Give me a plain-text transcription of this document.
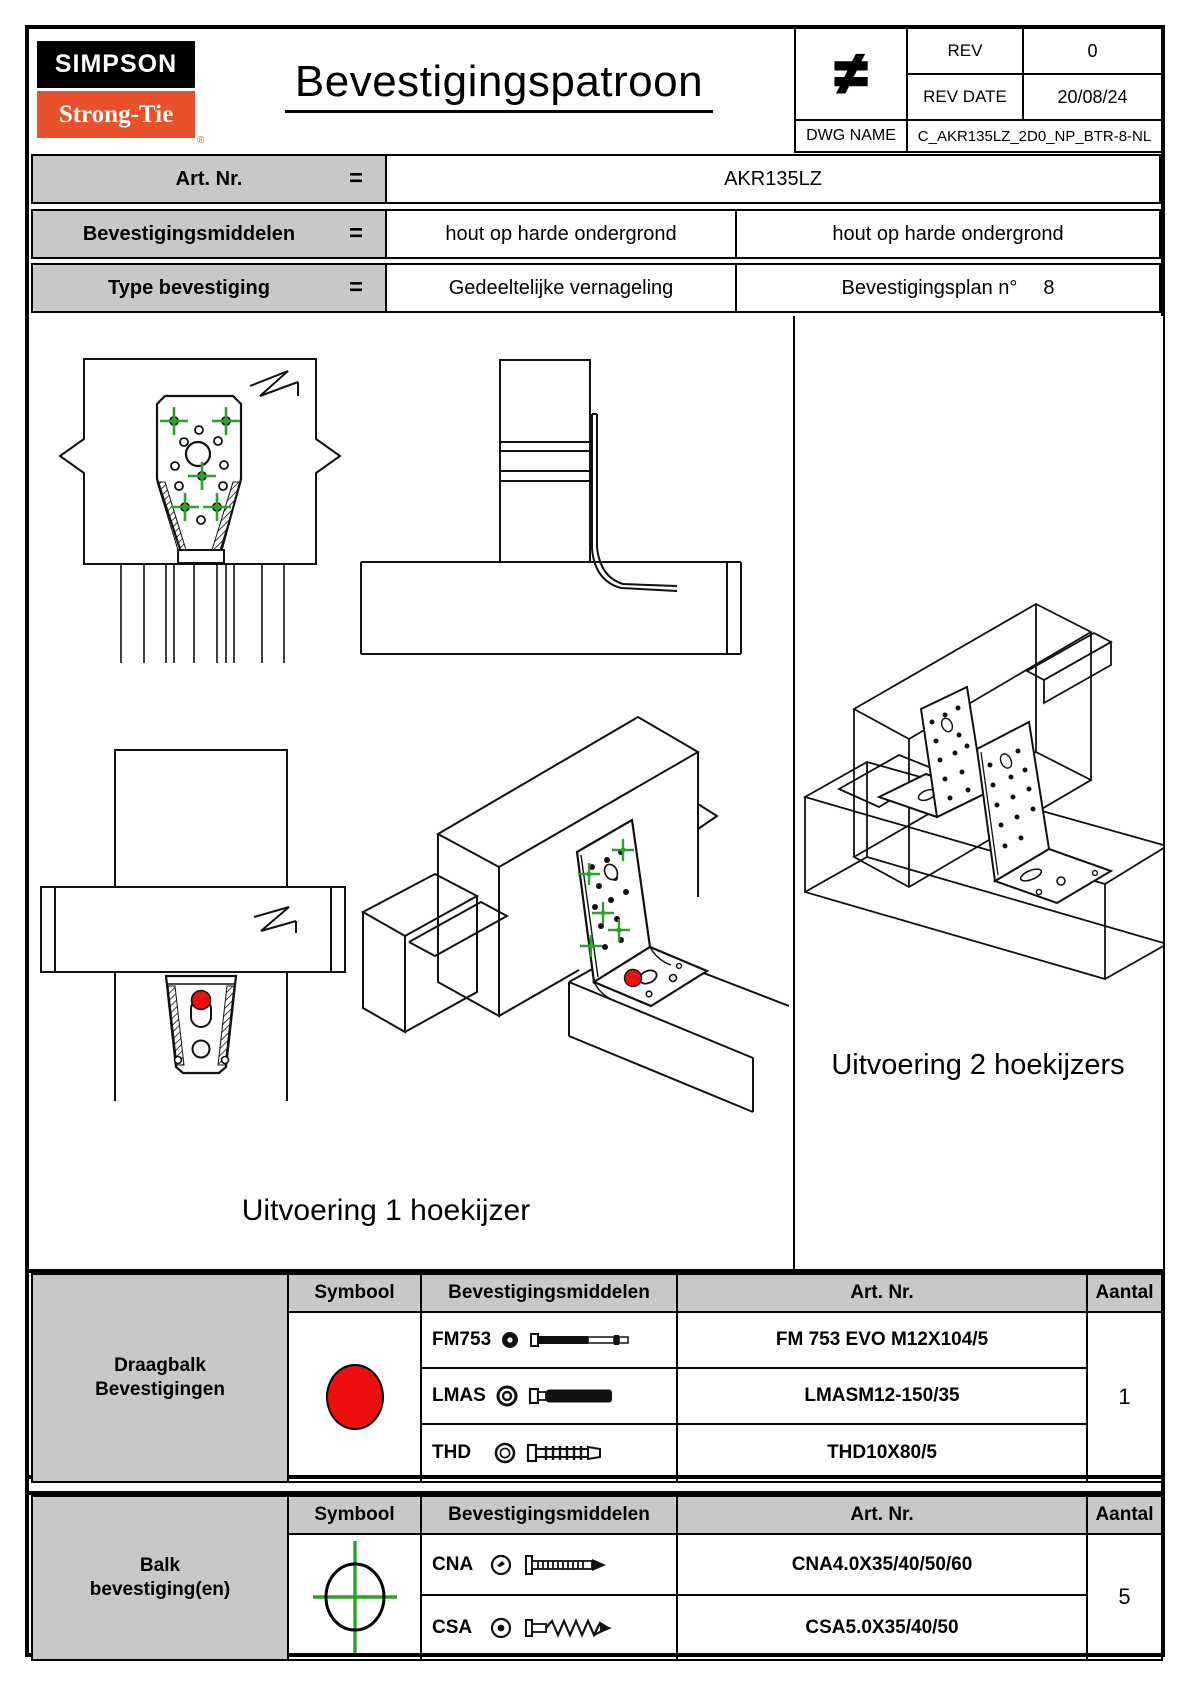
SIMPSON
Strong-Tie
®
Bevestigingspatroon	≠	REV	0
REV DATE	20/08/24
DWG NAME C_AKR135LZ_2D0_NP_BTR-8-NL
Art. Nr.	=	AKR135LZ
Bevestigingsmiddelen	=	hout op harde ondergrond	hout op harde ondergrond
Type bevestiging	=	Gedeeltelijke vernageling	Bevestigingsplan n° 8
Uitvoering 1 hoekijzer
Uitvoering 2 hoekijzers
Draagbalk
Bevestigingen
Symbool	Bevestigingsmiddelen	Art. Nr.	Aantal
FM753	FM 753 EVO M12X104/5
LMAS	LMASM12-150/35
THD	THD10X80/5
1
Balk
bevestiging(en)
Symbool	Bevestigingsmiddelen	Art. Nr.	Aantal
CNA	CNA4.0X35/40/50/60
CSA	CSA5.0X35/40/50
5
